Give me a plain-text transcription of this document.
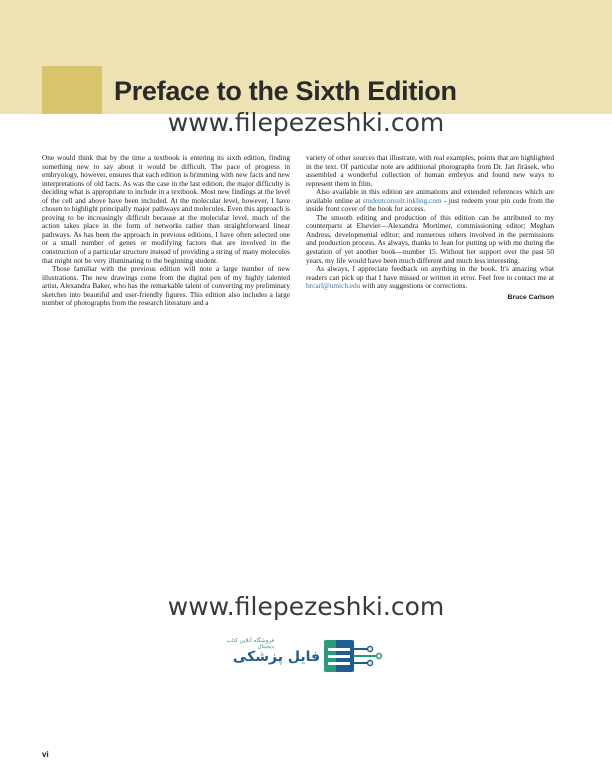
Preface to the Sixth Edition
www.filepezeshki.com

One would think that by the time a textbook is entering its sixth edition, finding something new to say about it would be difficult. The pace of progress in embryology, however, ensures that each edition is brimming with new facts and new interpretations of old facts. As was the case in the last edition, the major difficulty is deciding what is appropriate to include in a textbook. Most new findings at the level of the cell and above have been included. At the molecular level, however, I have chosen to highlight principally major pathways and molecules. Even this approach is proving to be increasingly difficult because at the molecular level, much of the action takes place in the form of networks rather than straightforward linear pathways. As has been the approach in previous editions, I have often selected one or a small number of genes or modifying factors that are involved in the construction of a particular structure instead of providing a string of many molecules that might not be very illuminating to the beginning student.

Those familiar with the previous edition will note a large number of new illustrations. The new drawings come from the digital pen of my highly talented artist, Alexandra Baker, who has the remarkable talent of converting my preliminary sketches into beautiful and user-friendly figures. This edition also includes a large number of photographs from the research literature and a

variety of other sources that illustrate, with real examples, points that are highlighted in the text. Of particular note are additional photographs from Dr. Jan Jirásek, who assembled a wonderful collection of human embryos and found new ways to represent them in film.

Also available in this edition are animations and extended references which are available online at studentconsult.inkling.com - just redeem your pin code from the inside front cover of the book for access.

The smooth editing and production of this edition can be attributed to my counterparts at Elsevier—Alexandra Mortimer, commissioning editor; Meghan Andress, developmental editor; and numerous others involved in the permissions and production process. As always, thanks to Jean for putting up with me during the gestation of yet another book—number 15. Without her support over the past 50 years, my life would have been much different and much less interesting.

As always, I appreciate feedback on anything in the book. It's amazing what readers can pick up that I have missed or written in error. Feel free to contact me at brcarl@umich.edu with any suggestions or corrections.

Bruce Carlson
www.filepezeshki.com
فروشگاه آنلاین کتاب دیجیتال
فایل پزشکی
vi
